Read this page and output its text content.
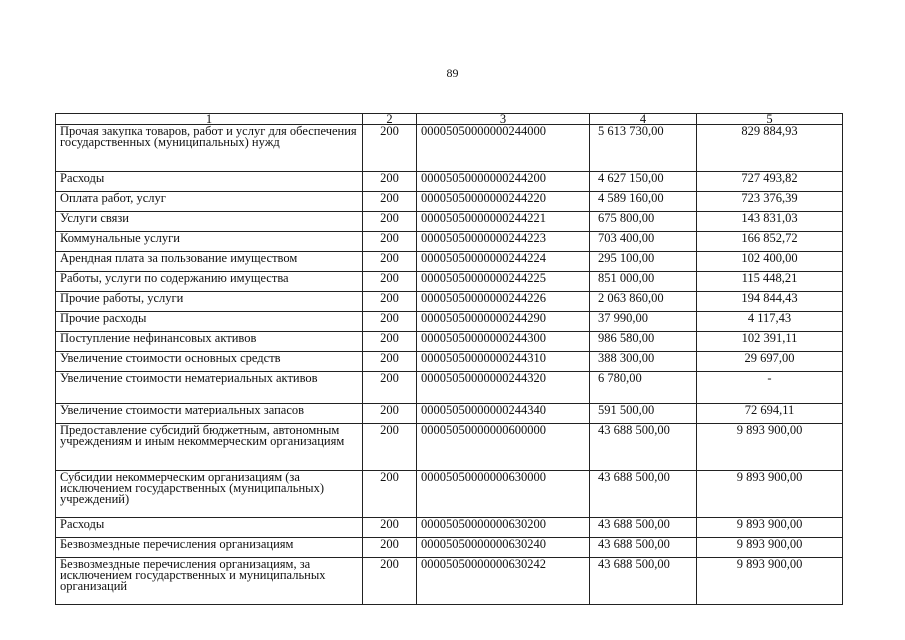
89
1	2	3	4	5
Прочая закупка товаров, работ и услуг для обеспечения государственных (муниципальных) нужд	200	00005050000000244000	5 613 730,00	829 884,93
Расходы	200	00005050000000244200	4 627 150,00	727 493,82
Оплата работ, услуг	200	00005050000000244220	4 589 160,00	723 376,39
Услуги связи	200	00005050000000244221	675 800,00	143 831,03
Коммунальные услуги	200	00005050000000244223	703 400,00	166 852,72
Арендная плата за пользование имуществом	200	00005050000000244224	295 100,00	102 400,00
Работы, услуги по содержанию имущества	200	00005050000000244225	851 000,00	115 448,21
Прочие работы, услуги	200	00005050000000244226	2 063 860,00	194 844,43
Прочие расходы	200	00005050000000244290	37 990,00	4 117,43
Поступление нефинансовых активов	200	00005050000000244300	986 580,00	102 391,11
Увеличение стоимости основных средств	200	00005050000000244310	388 300,00	29 697,00
Увеличение стоимости нематериальных активов	200	00005050000000244320	6 780,00	-
Увеличение стоимости материальных запасов	200	00005050000000244340	591 500,00	72 694,11
Предоставление субсидий бюджетным, автономным учреждениям и иным некоммерческим организациям	200	00005050000000600000	43 688 500,00	9 893 900,00
Субсидии некоммерческим организациям (за исключением государственных (муниципальных) учреждений)	200	00005050000000630000	43 688 500,00	9 893 900,00
Расходы	200	00005050000000630200	43 688 500,00	9 893 900,00
Безвозмездные перечисления организациям	200	00005050000000630240	43 688 500,00	9 893 900,00
Безвозмездные перечисления организациям, за исключением государственных и муниципальных организаций	200	00005050000000630242	43 688 500,00	9 893 900,00
